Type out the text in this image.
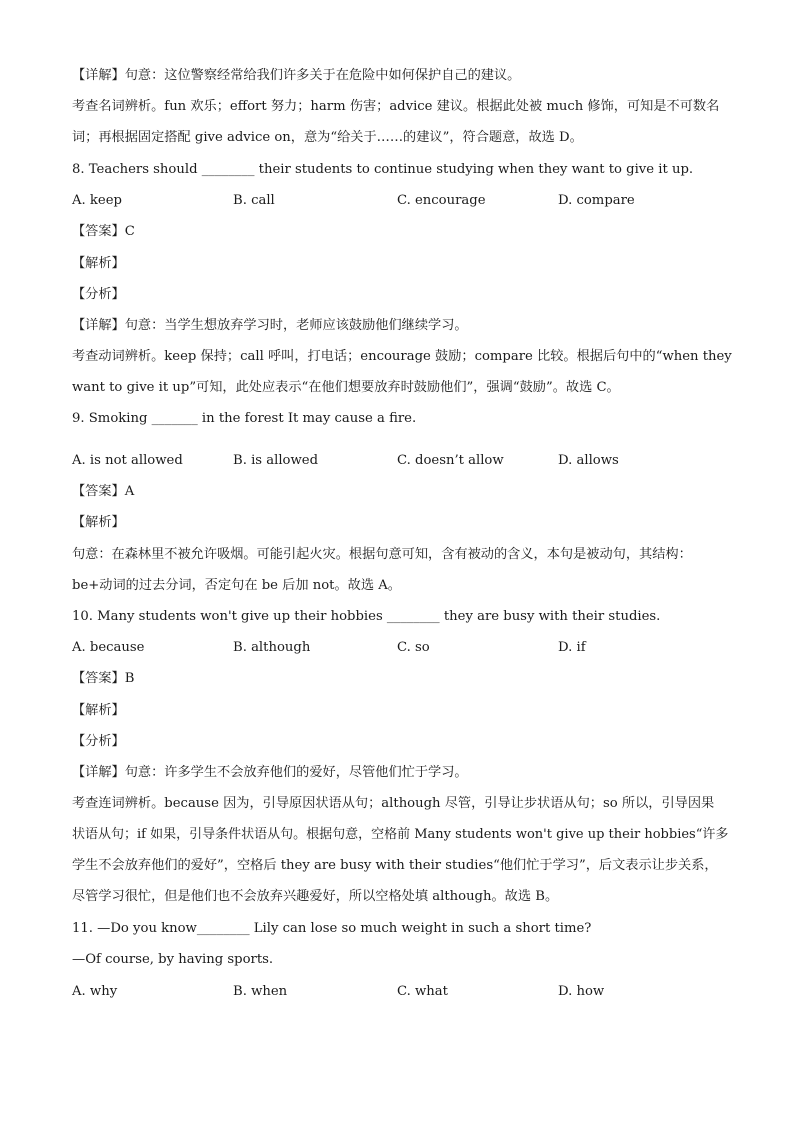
【详解】句意：这位警察经常给我们许多关于在危险中如何保护自己的建议。
考查名词辨析。fun 欢乐；effort 努力；harm 伤害；advice 建议。根据此处被 much 修饰，可知是不可数名
词；再根据固定搭配 give advice on，意为“给关于……的建议”，符合题意，故选 D。
8. Teachers should ________ their students to continue studying when they want to give it up.
A. keep	B. call	C. encourage	D. compare
【答案】C
【解析】
【分析】
【详解】句意：当学生想放弃学习时，老师应该鼓励他们继续学习。
考查动词辨析。keep 保持；call 呼叫，打电话；encourage 鼓励；compare 比较。根据后句中的“when they
want to give it up”可知，此处应表示“在他们想要放弃时鼓励他们”，强调“鼓励”。故选 C。
9. Smoking _______ in the forest It may cause a fire.
A. is not allowed	B. is allowed	C. doesn’t allow	D. allows
【答案】A
【解析】
句意：在森林里不被允许吸烟。可能引起火灾。根据句意可知，含有被动的含义，本句是被动句，其结构：
be+动词的过去分词，否定句在 be 后加 not。故选 A。
10. Many students won't give up their hobbies ________ they are busy with their studies.
A. because	B. although	C. so	D. if
【答案】B
【解析】
【分析】
【详解】句意：许多学生不会放弃他们的爱好，尽管他们忙于学习。
考查连词辨析。because 因为，引导原因状语从句；although 尽管，引导让步状语从句；so 所以，引导因果
状语从句；if 如果，引导条件状语从句。根据句意，空格前 Many students won't give up their hobbies“许多
学生不会放弃他们的爱好”，空格后 they are busy with their studies“他们忙于学习”，后文表示让步关系，
尽管学习很忙，但是他们也不会放弃兴趣爱好，所以空格处填 although。故选 B。
11. —Do you know________ Lily can lose so much weight in such a short time?
—Of course, by having sports.
A. why	B. when	C. what	D. how
